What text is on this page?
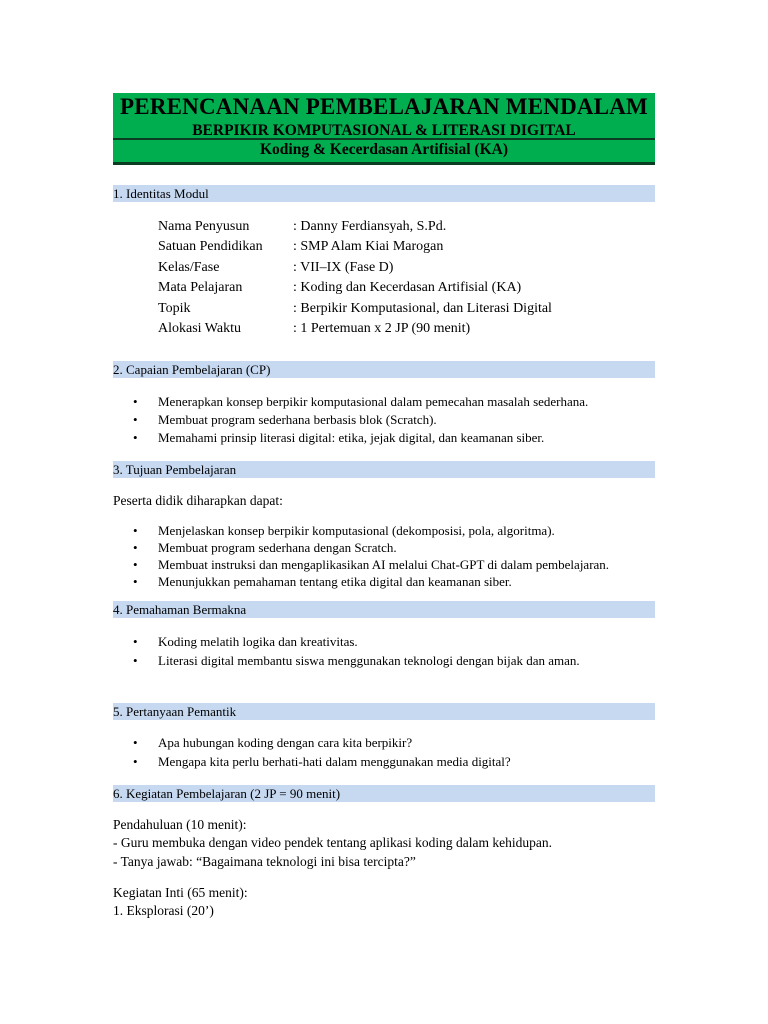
PERENCANAAN PEMBELAJARAN MENDALAM
BERPIKIR KOMPUTASIONAL & LITERASI DIGITAL
Koding & Kecerdasan Artifisial (KA)
1. Identitas Modul
Nama Penyusun	: Danny Ferdiansyah, S.Pd.
Satuan Pendidikan : SMP Alam Kiai Marogan
Kelas/Fase	: VII–IX (Fase D)
Mata Pelajaran	: Koding dan Kecerdasan Artifisial (KA)
Topik	: Berpikir Komputasional, dan Literasi Digital
Alokasi Waktu	: 1 Pertemuan x 2 JP (90 menit)
2. Capaian Pembelajaran (CP)
• Menerapkan konsep berpikir komputasional dalam pemecahan masalah sederhana.
• Membuat program sederhana berbasis blok (Scratch).
• Memahami prinsip literasi digital: etika, jejak digital, dan keamanan siber.
3. Tujuan Pembelajaran
Peserta didik diharapkan dapat:
• Menjelaskan konsep berpikir komputasional (dekomposisi, pola, algoritma).
• Membuat program sederhana dengan Scratch.
• Membuat instruksi dan mengaplikasikan AI melalui Chat-GPT di dalam pembelajaran.
• Menunjukkan pemahaman tentang etika digital dan keamanan siber.
4. Pemahaman Bermakna
• Koding melatih logika dan kreativitas.
• Literasi digital membantu siswa menggunakan teknologi dengan bijak dan aman.
5. Pertanyaan Pemantik
• Apa hubungan koding dengan cara kita berpikir?
• Mengapa kita perlu berhati-hati dalam menggunakan media digital?
6. Kegiatan Pembelajaran (2 JP = 90 menit)
Pendahuluan (10 menit):
- Guru membuka dengan video pendek tentang aplikasi koding dalam kehidupan.
- Tanya jawab: “Bagaimana teknologi ini bisa tercipta?”
Kegiatan Inti (65 menit):
1. Eksplorasi (20’)
